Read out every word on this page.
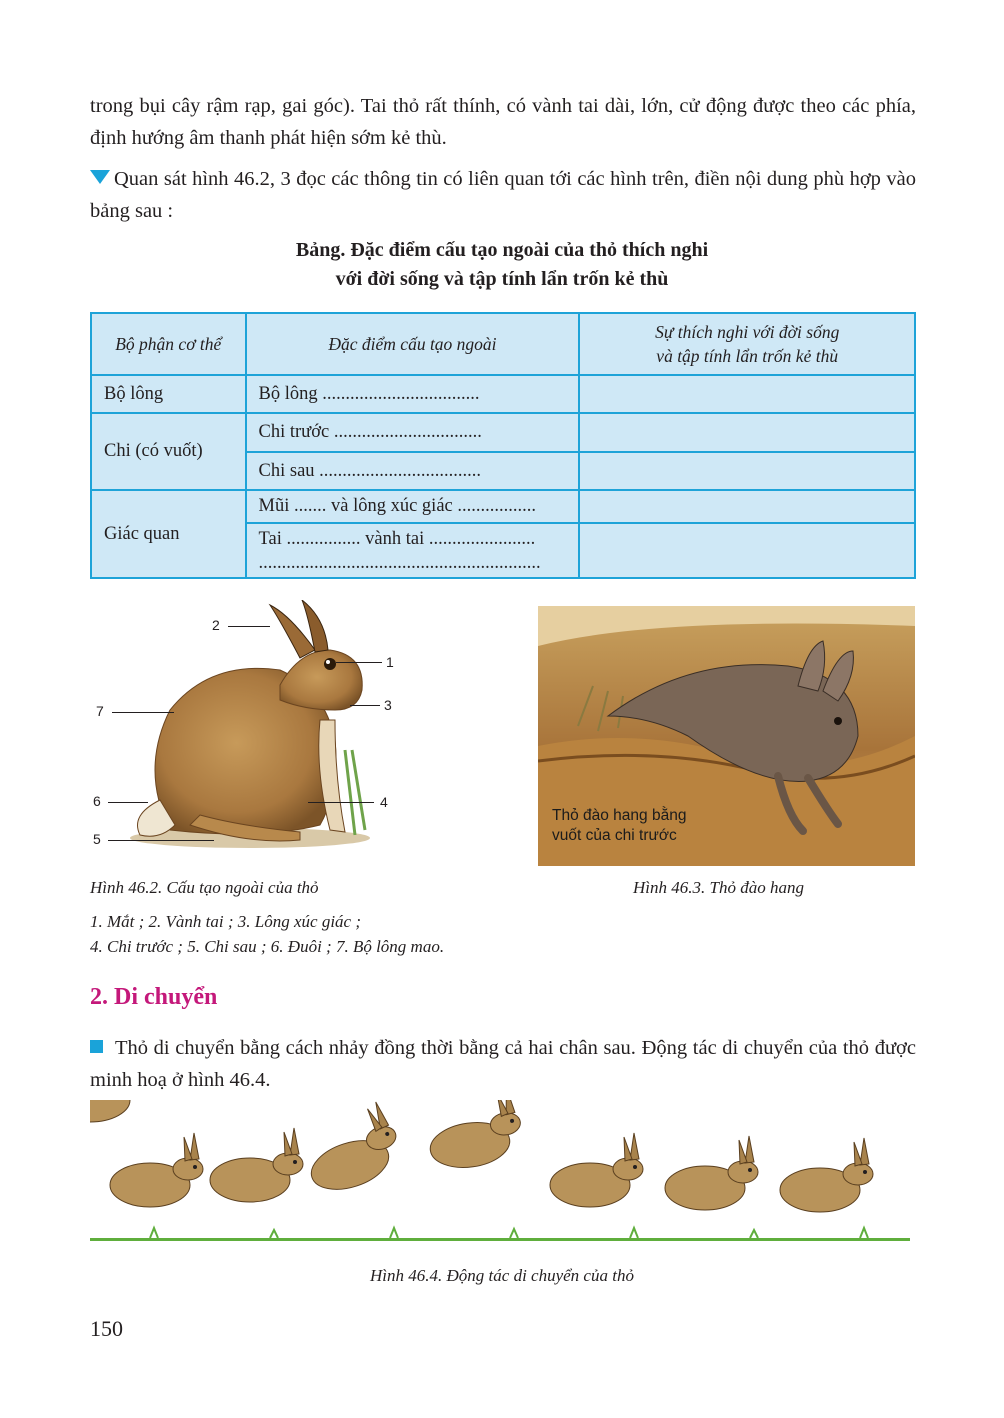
trong bụi cây rậm rạp, gai góc). Tai thỏ rất thính, có vành tai dài, lớn, cử động được theo các phía, định hướng âm thanh phát hiện sớm kẻ thù.

Quan sát hình 46.2, 3 đọc các thông tin có liên quan tới các hình trên, điền nội dung phù hợp vào bảng sau :

Bảng. Đặc điểm cấu tạo ngoài của thỏ thích nghi

với đời sống và tập tính lẩn trốn kẻ thù

Bộ phận cơ thể	Đặc điểm cấu tạo ngoài	Sự thích nghi với đời sống
và tập tính lẩn trốn kẻ thù
Bộ lông	Bộ lông ..................................	
Chi (có vuốt)	Chi trước ................................	
	Chi sau ...................................	
Giác quan	Mũi ....... và lông xúc giác .................	
	Tai ................ vành tai .......................
.............................................................	
2
1
3
7
6	4
5

Hình 46.2. Cấu tạo ngoài của thỏ

1. Mắt ; 2. Vành tai ; 3. Lông xúc giác ;

4. Chi trước ; 5. Chi sau ; 6. Đuôi ; 7. Bộ lông mao.

Thỏ đào hang bằng
vuốt của chi trước

Hình 46.3. Thỏ đào hang

2. Di chuyển

Thỏ di chuyển bằng cách nhảy đồng thời bằng cả hai chân sau. Động tác di chuyển của thỏ được minh hoạ ở hình 46.4.

Hình 46.4. Động tác di chuyển của thỏ

150
